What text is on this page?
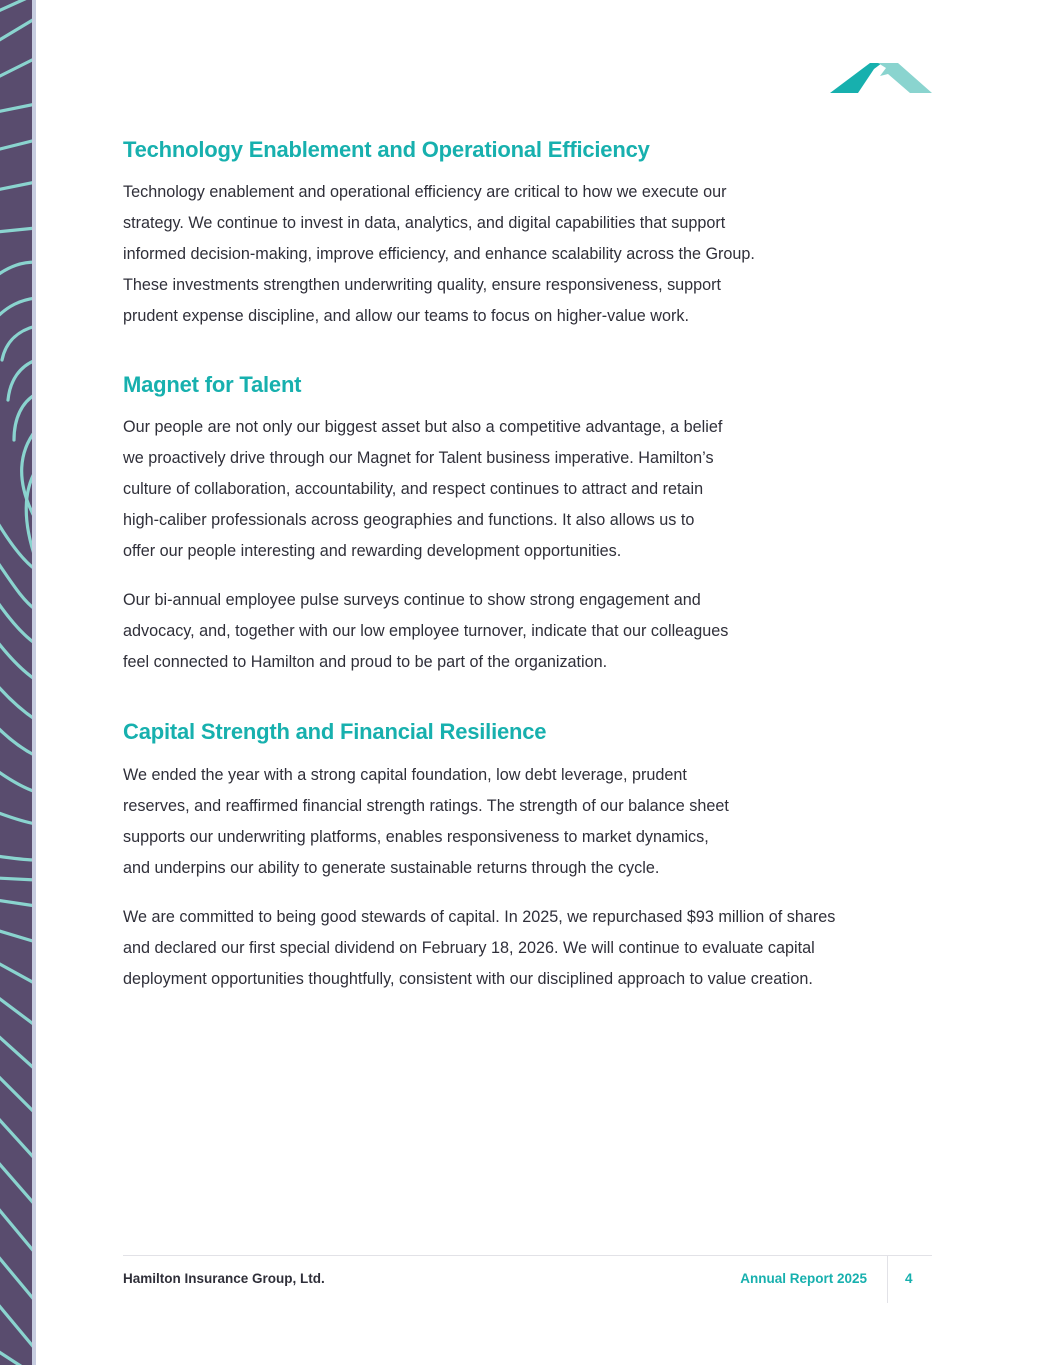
Technology Enablement and Operational Efficiency

Technology enablement and operational efficiency are critical to how we execute our
strategy. We continue to invest in data, analytics, and digital capabilities that support
informed decision-making, improve efficiency, and enhance scalability across the Group.
These investments strengthen underwriting quality, ensure responsiveness, support
prudent expense discipline, and allow our teams to focus on higher-value work.

Magnet for Talent

Our people are not only our biggest asset but also a competitive advantage, a belief
we proactively drive through our Magnet for Talent business imperative. Hamilton’s
culture of collaboration, accountability, and respect continues to attract and retain
high-caliber professionals across geographies and functions. It also allows us to
offer our people interesting and rewarding development opportunities.

Our bi-annual employee pulse surveys continue to show strong engagement and
advocacy, and, together with our low employee turnover, indicate that our colleagues
feel connected to Hamilton and proud to be part of the organization.

Capital Strength and Financial Resilience

We ended the year with a strong capital foundation, low debt leverage, prudent
reserves, and reaffirmed financial strength ratings. The strength of our balance sheet
supports our underwriting platforms, enables responsiveness to market dynamics,
and underpins our ability to generate sustainable returns through the cycle.

We are committed to being good stewards of capital. In 2025, we repurchased $93 million of shares
and declared our first special dividend on February 18, 2026. We will continue to evaluate capital
deployment opportunities thoughtfully, consistent with our disciplined approach to value creation.

Hamilton Insurance Group, Ltd.	Annual Report 2025	4
